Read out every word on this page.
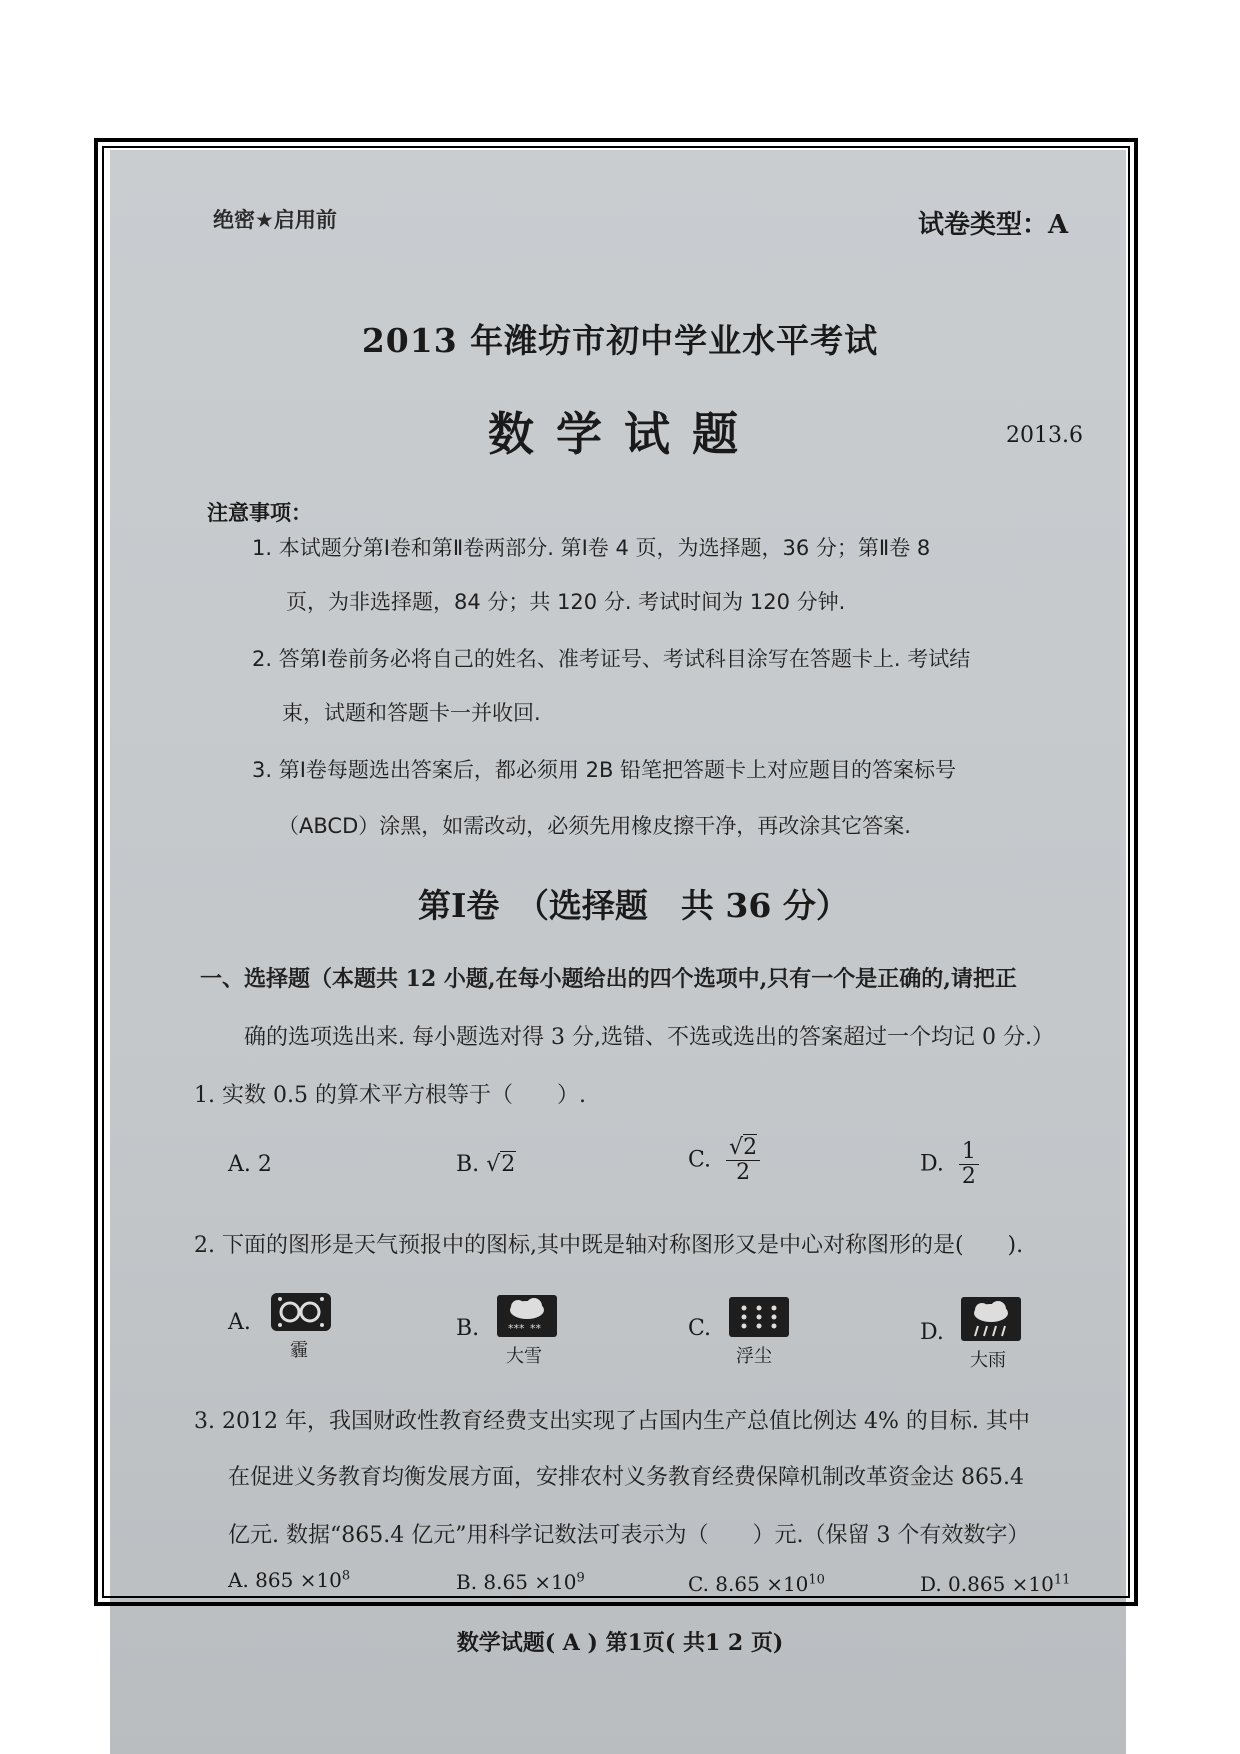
绝密★启用前	试卷类型：A
2013 年潍坊市初中学业水平考试
数学试题	2013.6
注意事项：
1. 本试题分第Ⅰ卷和第Ⅱ卷两部分. 第Ⅰ卷 4 页，为选择题，36 分；第Ⅱ卷 8
页，为非选择题，84 分；共 120 分. 考试时间为 120 分钟.
2. 答第Ⅰ卷前务必将自己的姓名、准考证号、考试科目涂写在答题卡上. 考试结
束，试题和答题卡一并收回.
3. 第Ⅰ卷每题选出答案后，都必须用 2B 铅笔把答题卡上对应题目的答案标号
（ABCD）涂黑，如需改动，必须先用橡皮擦干净，再改涂其它答案.
第Ⅰ卷　（选择题　共 36 分）
一、选择题（本题共 12 小题,在每小题给出的四个选项中,只有一个是正确的,请把正
确的选项选出来. 每小题选对得 3 分,选错、不选或选出的答案超过一个均记 0 分.）
1. 实数 0.5 的算术平方根等于（　　）.
A. 2	B. √2	C. $\frac{√2}{2}$	D. $\frac{1}{2}$
2. 下面的图形是天气预报中的图标,其中既是轴对称图形又是中心对称图形的是(　　).
A.
霾
B.	*** **
大雪
C.
浮尘
D.
大雨
3. 2012 年，我国财政性教育经费支出实现了占国内生产总值比例达 4% 的目标. 其中
在促进义务教育均衡发展方面，安排农村义务教育经费保障机制改革资金达 865.4
亿元. 数据“865.4 亿元”用科学记数法可表示为（　　）元.（保留 3 个有效数字）
A. $865 \times 10^8$	B. $8.65 \times 10^9$	C. $8.65 \times 10^{10}$	D. $0.865 \times 10^{11}$
数学试题( A ) 第1页( 共1 2 页)
